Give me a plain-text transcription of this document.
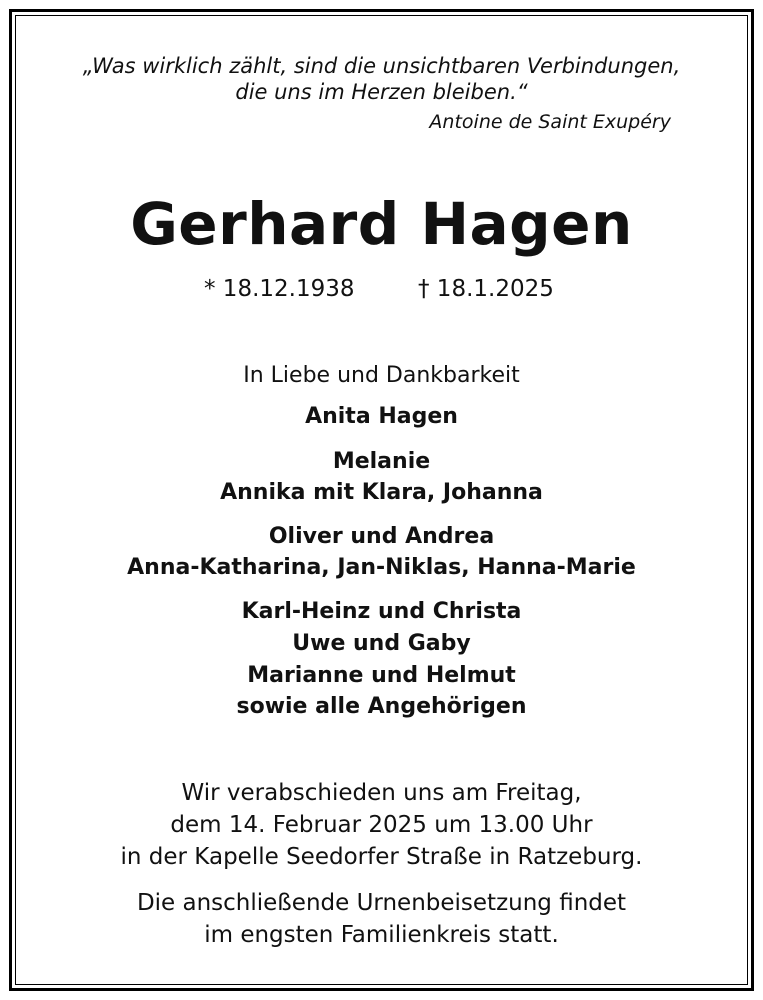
„Was wirklich zählt, sind die unsichtbaren Verbindungen,
die uns im Herzen bleiben.“
Antoine de Saint Exupéry
Gerhard Hagen
* 18.12.1938	† 18.1.2025
In Liebe und Dankbarkeit
Anita Hagen
Melanie
Annika mit Klara, Johanna
Oliver und Andrea
Anna-Katharina, Jan-Niklas, Hanna-Marie
Karl-Heinz und Christa
Uwe und Gaby
Marianne und Helmut
sowie alle Angehörigen
Wir verabschieden uns am Freitag,
dem 14. Februar 2025 um 13.00 Uhr
in der Kapelle Seedorfer Straße in Ratzeburg.
Die anschließende Urnenbeisetzung findet
im engsten Familienkreis statt.
